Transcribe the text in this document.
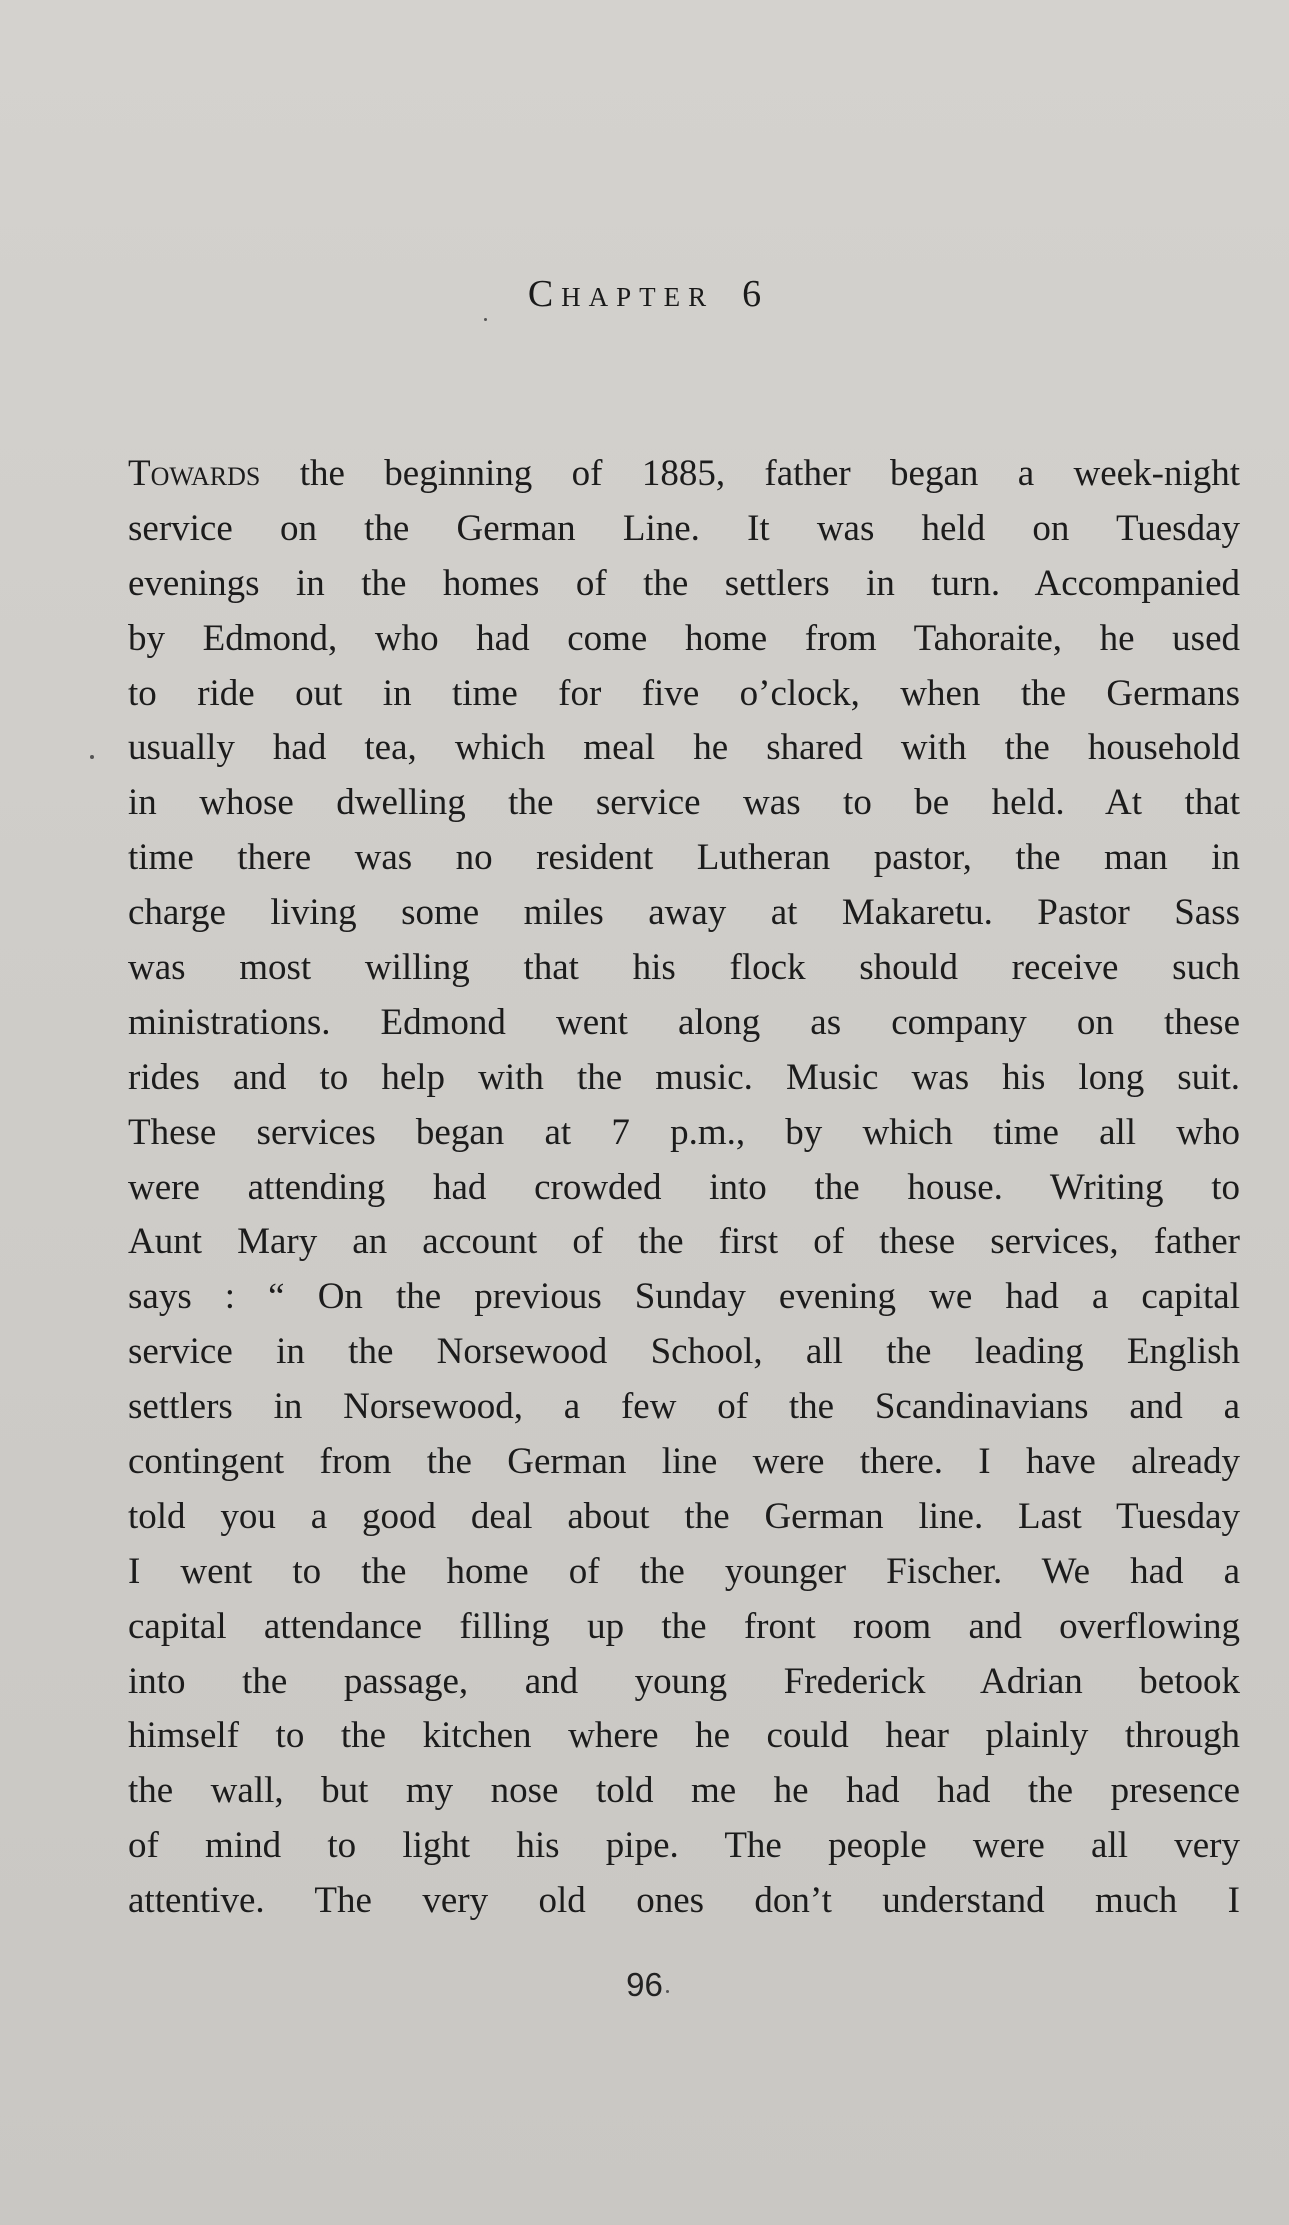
Chapter 6
Towards the beginning of 1885, father began a week-night
service on the German Line. It was held on Tuesday
evenings in the homes of the settlers in turn. Accompanied
by Edmond, who had come home from Tahoraite, he used
to ride out in time for five o’clock, when the Germans
usually had tea, which meal he shared with the household
in whose dwelling the service was to be held. At that
time there was no resident Lutheran pastor, the man in
charge living some miles away at Makaretu. Pastor Sass
was most willing that his flock should receive such
ministrations. Edmond went along as company on these
rides and to help with the music. Music was his long suit.
These services began at 7 p.m., by which time all who
were attending had crowded into the house. Writing to
Aunt Mary an account of the first of these services, father
says : “ On the previous Sunday evening we had a capital
service in the Norsewood School, all the leading English
settlers in Norsewood, a few of the Scandinavians and a
contingent from the German line were there. I have already
told you a good deal about the German line. Last Tuesday
I went to the home of the younger Fischer. We had a
capital attendance filling up the front room and overflowing
into the passage, and young Frederick Adrian betook
himself to the kitchen where he could hear plainly through
the wall, but my nose told me he had had the presence
of mind to light his pipe. The people were all very
attentive. The very old ones don’t understand much I
96
